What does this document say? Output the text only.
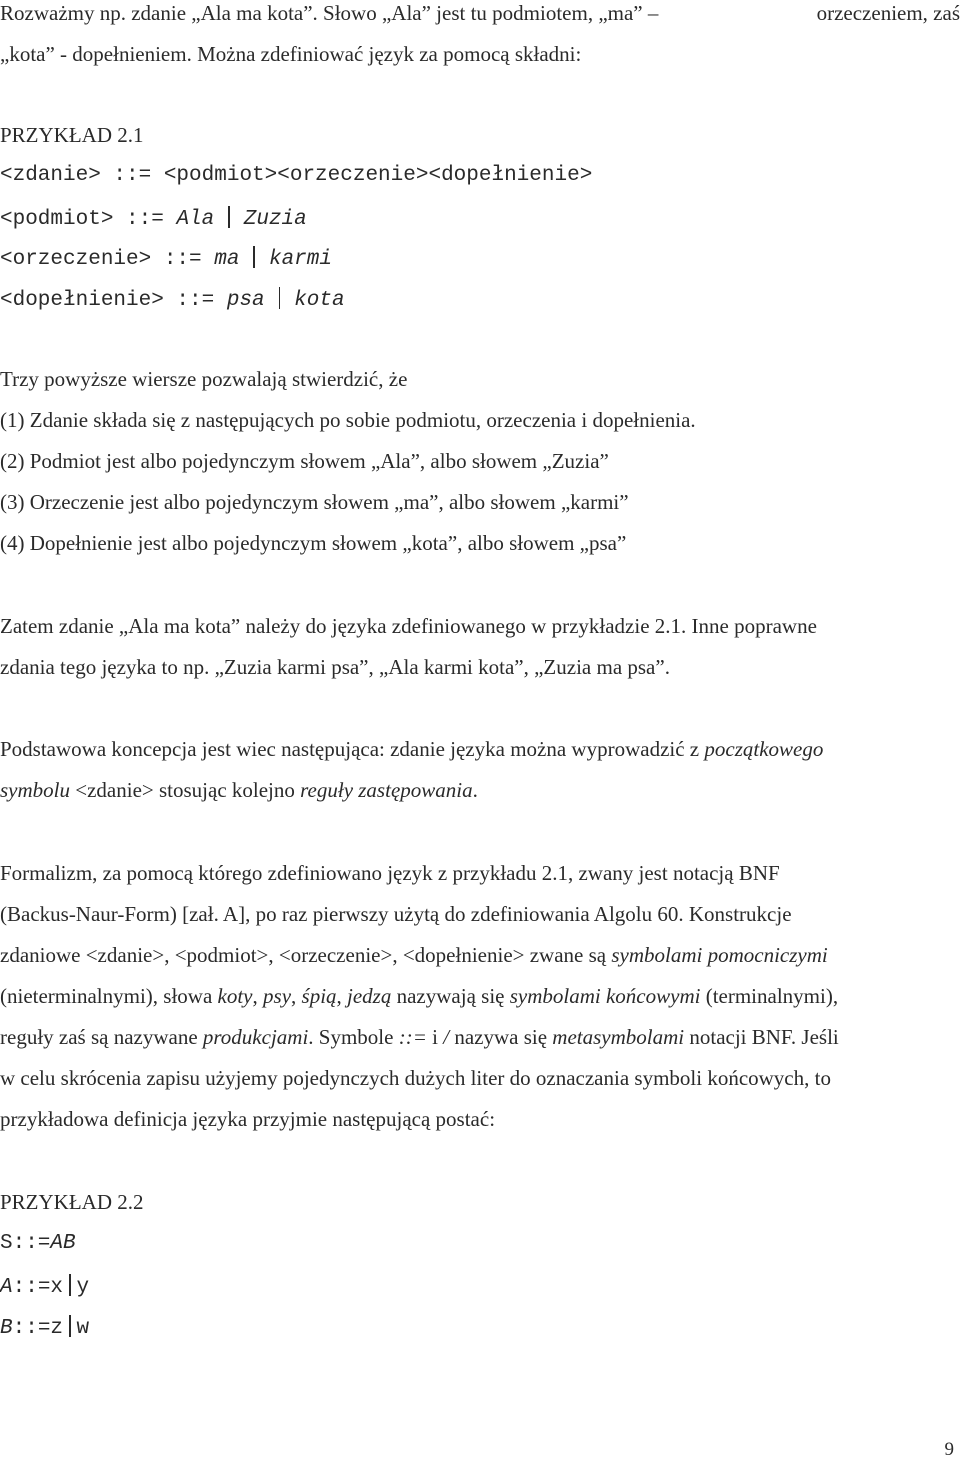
Rozważmy np. zdanie „Ala ma kota”. Słowo „Ala” jest tu podmiotem, „ma” –	orzeczeniem, zaś
„kota” - dopełnieniem. Można zdefiniować język za pomocą składni:
PRZYKŁAD 2.1
<zdanie> ::= <podmiot><orzeczenie><dopełnienie>
<podmiot> ::= Ala Zuzia
<orzeczenie> ::= ma karmi
<dopełnienie> ::= psa kota
Trzy powyższe wiersze pozwalają stwierdzić, że
(1) Zdanie składa się z następujących po sobie podmiotu, orzeczenia i dopełnienia.
(2) Podmiot jest albo pojedynczym słowem „Ala”, albo słowem „Zuzia”
(3) Orzeczenie jest albo pojedynczym słowem „ma”, albo słowem „karmi”
(4) Dopełnienie jest albo pojedynczym słowem „kota”, albo słowem „psa”
Zatem zdanie „Ala ma kota” należy do języka zdefiniowanego w przykładzie 2.1. Inne poprawne
zdania tego języka to np. „Zuzia karmi psa”, „Ala karmi kota”, „Zuzia ma psa”.
Podstawowa koncepcja jest wiec następująca: zdanie języka można wyprowadzić z początkowego
symbolu <zdanie> stosując kolejno reguły zastępowania.
Formalizm, za pomocą którego zdefiniowano język z przykładu 2.1, zwany jest notacją BNF
(Backus-Naur-Form) [zał. A], po raz pierwszy użytą do zdefiniowania Algolu 60. Konstrukcje
zdaniowe <zdanie>, <podmiot>, <orzeczenie>, <dopełnienie> zwane są symbolami pomocniczymi
(nieterminalnymi), słowa koty, psy, śpią, jedzą nazywają się symbolami końcowymi (terminalnymi),
reguły zaś są nazywane produkcjami. Symbole ::= i / nazywa się metasymbolami notacji BNF. Jeśli
w celu skrócenia zapisu użyjemy pojedynczych dużych liter do oznaczania symboli końcowych, to
przykładowa definicja języka przyjmie następującą postać:
PRZYKŁAD 2.2
S::=AB
A::=x y
B::=z w
9
